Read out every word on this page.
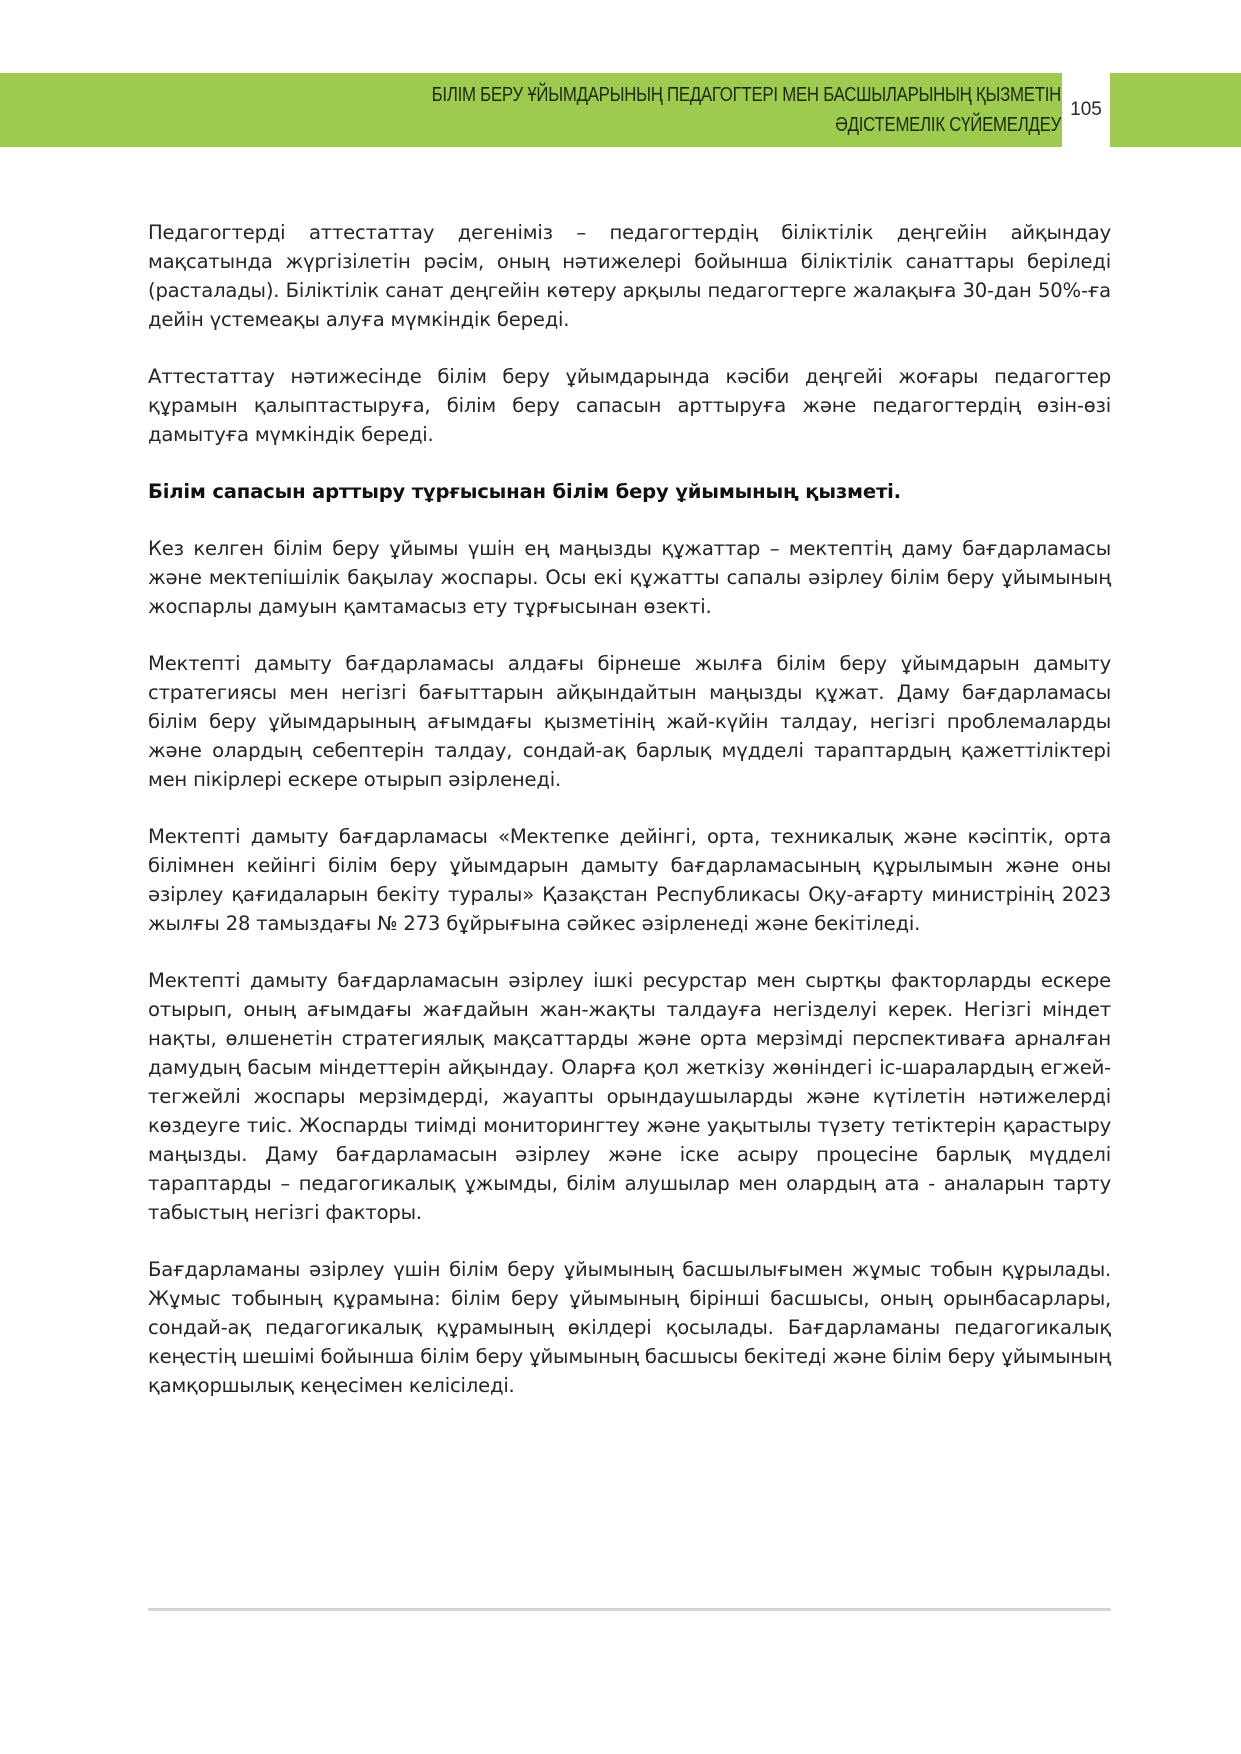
БІЛІМ БЕРУ ҰЙЫМДАРЫНЫҢ ПЕДАГОГТЕРІ МЕН БАСШЫЛАРЫНЫҢ ҚЫЗМЕТІН
ӘДІСТЕМЕЛІК СҮЙЕМЕЛДЕУ
105

Педагогтерді аттестаттау дегеніміз – педагогтердің біліктілік деңгейін айқындау мақсатында жүргізілетін рәсім, оның нәтижелері бойынша біліктілік санаттары беріледі (расталады). Біліктілік санат деңгейін көтеру арқылы педагогтерге жалақыға 30-дан 50%-ға дейін үстемеақы алуға мүмкіндік береді.

Аттестаттау нәтижесінде білім беру ұйымдарында кәсіби деңгейі жоғары педагогтер құрамын қалыптастыруға, білім беру сапасын арттыруға және педагогтердің өзін-өзі дамытуға мүмкіндік береді.

Білім сапасын арттыру тұрғысынан білім беру ұйымының қызметі.

Кез келген білім беру ұйымы үшін ең маңызды құжаттар – мектептің даму бағдарламасы және мектепішілік бақылау жоспары. Осы екі құжатты сапалы әзірлеу білім беру ұйымының жоспарлы дамуын қамтамасыз ету тұрғысынан өзекті.

Мектепті дамыту бағдарламасы алдағы бірнеше жылға білім беру ұйымдарын дамыту стратегиясы мен негізгі бағыттарын айқындайтын маңызды құжат. Даму бағдарламасы білім беру ұйымдарының ағымдағы қызметінің жай-күйін талдау, негізгі проблемаларды және олардың себептерін талдау, сондай-ақ барлық мүдделі тараптардың қажеттіліктері мен пікірлері ескере отырып әзірленеді.

Мектепті дамыту бағдарламасы «Мектепке дейінгі, орта, техникалық және кәсіптік, орта білімнен кейінгі білім беру ұйымдарын дамыту бағдарламасының құрылымын және оны әзірлеу қағидаларын бекіту туралы» Қазақстан Республикасы Оқу-ағарту министрінің 2023 жылғы 28 тамыздағы № 273 бұйрығына сәйкес әзірленеді және бекітіледі.

Мектепті дамыту бағдарламасын әзірлеу ішкі ресурстар мен сыртқы факторларды ескере отырып, оның ағымдағы жағдайын жан-жақты талдауға негізделуі керек. Негізгі міндет нақты, өлшенетін стратегиялық мақсаттарды және орта мерзімді перспективаға арналған дамудың басым міндеттерін айқындау. Оларға қол жеткізу жөніндегі іс-шаралардың егжей-тегжейлі жоспары мерзімдерді, жауапты орындаушыларды және күтілетін нәтижелерді көздеуге тиіс. Жоспарды тиімді мониторингтеу және уақытылы түзету тетіктерін қарастыру маңызды. Даму бағдарламасын әзірлеу және іске асыру процесіне барлық мүдделі тараптарды – педагогикалық ұжымды, білім алушылар мен олардың ата - аналарын тарту табыстың негізгі факторы.

Бағдарламаны әзірлеу үшін білім беру ұйымының басшылығымен жұмыс тобын құрылады. Жұмыс тобының құрамына: білім беру ұйымының бірінші басшысы, оның орынбасарлары, сондай-ақ педагогикалық құрамының өкілдері қосылады. Бағдарламаны педагогикалық кеңестің шешімі бойынша білім беру ұйымының басшысы бекітеді және білім беру ұйымының қамқоршылық кеңесімен келісіледі.
